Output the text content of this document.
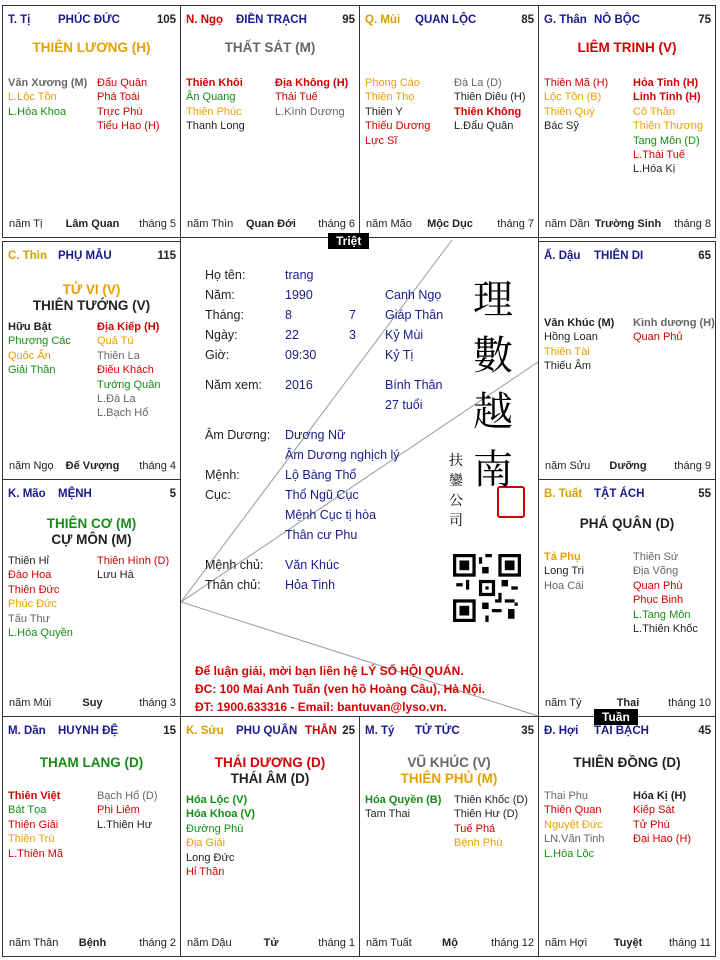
T. Tị PHÚC ĐỨC	105
THIÊN LƯƠNG (H)
Văn Xương (M)
L.Lộc Tồn
L.Hóa Khoa
Đẩu Quân
Phá Toái
Trực Phù
Tiểu Hao (H)
năm Tị	Lâm Quan	tháng 5
N. Ngọ ĐIỀN TRẠCH	95
THẤT SÁT (M)
Thiên Khôi
Ân Quang
Thiên Phúc
Thanh Long
Địa Không (H)
Thái Tuế
L.Kình Dương
năm Thìn	Quan Đới	tháng 6
Q. Mùi QUAN LỘC	85
Phong Cáo
Thiên Thọ
Thiên Y
Thiếu Dương
Lực Sĩ
Đà La (D)
Thiên Diêu (H)
Thiên Không
L.Đẩu Quân
năm Mão	Mộc Dục	tháng 7
G. Thân NÔ BỘC	75
LIÊM TRINH (V)
Thiên Mã (H)
Lộc Tồn (B)
Thiên Quý
Bác Sỹ
Hỏa Tinh (H)
Linh Tinh (H)
Cô Thần
Thiên Thương
Tang Môn (D)
L.Thái Tuế
L.Hóa Kị
năm Dần Trường Sinh	tháng 8
C. Thìn PHỤ MẪU	115
TỬ VI (V)
THIÊN TƯỚNG (V)
Hữu Bật
Phượng Các
Quốc Ấn
Giải Thần
Địa Kiếp (H)
Quả Tú
Thiên La
Điếu Khách
Tướng Quân
L.Đà La
L.Bạch Hổ
năm Ngọ	Đế Vượng	tháng 4
Ấ. Dậu THIÊN DI	65
Văn Khúc (M)
Hồng Loan
Thiên Tài
Thiếu Âm
Kình dương (H)
Quan Phủ
năm Sửu	Dưỡng	tháng 9
K. Mão MỆNH	5
THIÊN CƠ (M)
CỰ MÔN (M)
Thiên Hỉ
Đào Hoa
Thiên Đức
Phúc Đức
Tấu Thư
L.Hóa Quyền
Thiên Hình (D)
Lưu Hà
năm Mùi	Suy	tháng 3
B. Tuất TẬT ÁCH	55
PHÁ QUÂN (D)
Tả Phụ
Long Trì
Hoa Cái
Thiên Sứ
Địa Võng
Quan Phù
Phục Binh
L.Tang Môn
L.Thiên Khốc
năm Tý	Thai	tháng 10
M. Dần HUYNH ĐỆ	15
THAM LANG (D)
Thiên Việt
Bát Tọa
Thiên Giải
Thiên Trù
L.Thiên Mã
Bạch Hổ (D)
Phi Liêm
L.Thiên Hư
năm Thân	Bệnh	tháng 2
K. Sửu PHU QUÂN THÂN 25
THÁI DƯƠNG (D)
THÁI ÂM (D)
Hóa Lộc (V)
Hóa Khoa (V)
Đường Phù
Địa Giải
Long Đức
Hỉ Thần
năm Dậu	Tử	tháng 1
M. Tý TỬ TỨC	35
VŨ KHÚC (V)
THIÊN PHỦ (M)
Hóa Quyền (B)
Tam Thai
Thiên Khốc (D)
Thiên Hư (D)
Tuế Phá
Bệnh Phù
năm Tuất	Mộ	tháng 12
Đ. Hợi TÀI BẠCH	45
THIÊN ĐỒNG (D)
Thai Phụ
Thiên Quan
Nguyệt Đức
LN.Văn Tinh
L.Hóa Lộc
Hóa Kị (H)
Kiếp Sát
Tử Phù
Đại Hao (H)
năm Hợi	Tuyệt	tháng 11
Họ tên:	trang
Năm:	1990	Canh Ngọ
Tháng:	8	7 Giáp Thân
Ngày:	22	3 Kỷ Mùi
Giờ:	09:30	Kỷ Tị
Năm xem: 2016	Bính Thân
27 tuổi
Âm Dương: Dương Nữ
Âm Dương nghịch lý
Mệnh:	Lộ Bàng Thổ
Cục:	Thổ Ngũ Cục
Mệnh Cục tị hòa
Thân cư Phu
Mệnh chủ: Văn Khúc
Thân chủ: Hỏa Tinh
理
數
越
南
扶
鑾
公
司
Để luận giải, mời bạn liên hệ LÝ SỐ HỘI QUÁN.
ĐC: 100 Mai Anh Tuấn (ven hồ Hoàng Cầu), Hà Nội.
ĐT: 1900.633316 - Email: bantuvan@lyso.vn.
Triệt
Tuần
